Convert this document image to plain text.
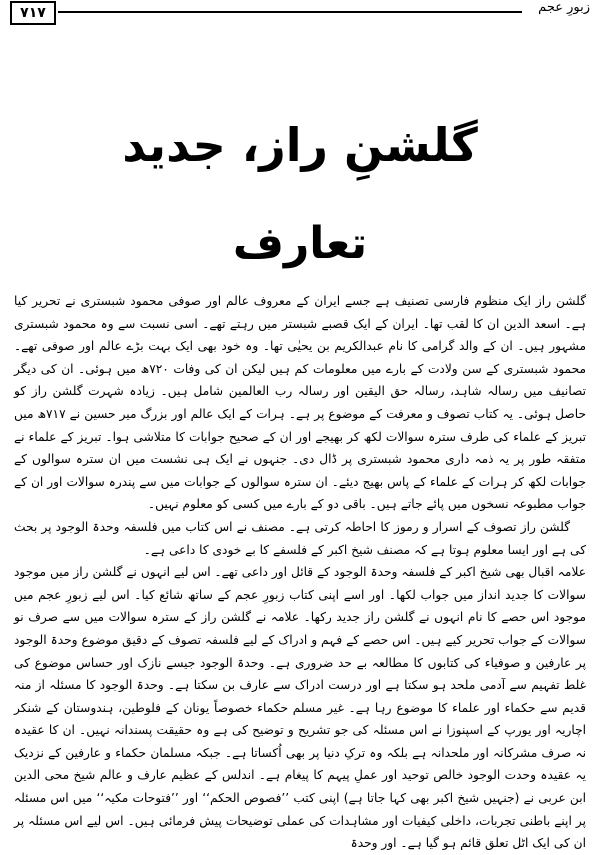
۷۱۷	زبورِ عجم
گلشنِ راز، جدید
تعارف

گلشن راز ایک منظوم فارسی تصنیف ہے جسے ایران کے معروف عالم اور صوفی محمود شبستری نے تحریر کیا ہے۔ اسعد الدین ان کا لقب تھا۔ ایران کے ایک قصبے شبستر میں رہتے تھے۔ اسی نسبت سے وہ محمود شبستری مشہور ہیں۔ ان کے والد گرامی کا نام عبدالکریم بن یحیٰی تھا۔ وہ خود بھی ایک بہت بڑے عالم اور صوفی تھے۔ محمود شبستری کے سن ولادت کے بارے میں معلومات کم ہیں لیکن ان کی وفات ۷۲۰ھ میں ہوئی۔ ان کی دیگر تصانیف میں رسالہ شاہد، رسالہ حق الیقین اور رسالہ رب العالمین شامل ہیں۔ زیادہ شہرت گلشن راز کو حاصل ہوئی۔ یہ کتاب تصوف و معرفت کے موضوع پر ہے۔ ہرات کے ایک عالم اور بزرگ میر حسین نے ۷۱۷ھ میں تبریز کے علماء کی طرف سترہ سوالات لکھ کر بھیجے اور ان کے صحیح جوابات کا متلاشی ہوا۔ تبریز کے علماء نے متفقہ طور پر یہ ذمہ داری محمود شبستری پر ڈال دی۔ جنہوں نے ایک ہی نشست میں ان سترہ سوالوں کے جوابات لکھ کر ہرات کے علماء کے پاس بھیج دیئے۔ ان سترہ سوالوں کے جوابات میں سے پندرہ سوالات اور ان کے جواب مطبوعہ نسخوں میں پائے جاتے ہیں۔ باقی دو کے بارے میں کسی کو معلوم نہیں۔

گلشن راز تصوف کے اسرار و رموز کا احاطہ کرتی ہے۔ مصنف نے اس کتاب میں فلسفہ وحدۃ الوجود پر بحث کی ہے اور ایسا معلوم ہوتا ہے کہ مصنف شیخ اکبر کے فلسفے کا بے خودی کا داعی ہے۔

علامہ اقبال بھی شیخ اکبر کے فلسفہ وحدۃ الوجود کے قائل اور داعی تھے۔ اس لیے انہوں نے گلشن راز میں موجود سوالات کا جدید انداز میں جواب لکھا۔ اور اسے اپنی کتاب زبورِ عجم کے ساتھ شائع کیا۔ اس لیے زبورِ عجم میں موجود اس حصے کا نام انہوں نے گلشن راز جدید رکھا۔ علامہ نے گلشن راز کے سترہ سوالات میں سے صرف نو سوالات کے جواب تحریر کیے ہیں۔ اس حصے کے فہم و ادراک کے لیے فلسفہ تصوف کے دقیق موضوع وحدۃ الوجود پر عارفین و صوفیاء کی کتابوں کا مطالعہ بے حد ضروری ہے۔ وحدۃ الوجود جیسے نازک اور حساس موضوع کی غلط تفہیم سے آدمی ملحد ہو سکتا ہے اور درست ادراک سے عارف بن سکتا ہے۔ وحدۃ الوجود کا مسئلہ از منہ قدیم سے حکماء اور علماء کا موضوع رہا ہے۔ غیر مسلم حکماء خصوصاً یونان کے فلوطین، ہندوستان کے شنکر اچاریہ اور یورپ کے اسپنوزا نے اس مسئلہ کی جو تشریح و توضیح کی ہے وہ حقیقت پسندانہ نہیں۔ ان کا عقیدہ نہ صرف مشرکانہ اور ملحدانہ ہے بلکہ وہ ترکِ دنیا پر بھی اُکساتا ہے۔ جبکہ مسلمان حکماء و عارفین کے نزدیک یہ عقیدہ وحدت الوجود خالص توحید اور عملِ پیہم کا پیغام ہے۔ اندلس کے عظیم عارف و عالم شیخ محی الدین ابن عربی نے (جنہیں شیخ اکبر بھی کہا جاتا ہے) اپنی کتب ’’فصوص الحکم‘‘ اور ’’فتوحات مکیہ‘‘ میں اس مسئلہ پر اپنے باطنی تجربات، داخلی کیفیات اور مشاہدات کی عملی توضیحات پیش فرمائی ہیں۔ اس لیے اس مسئلہ پر ان کی ایک اٹل تعلق قائم ہو گیا ہے۔ اور وحدۃ
